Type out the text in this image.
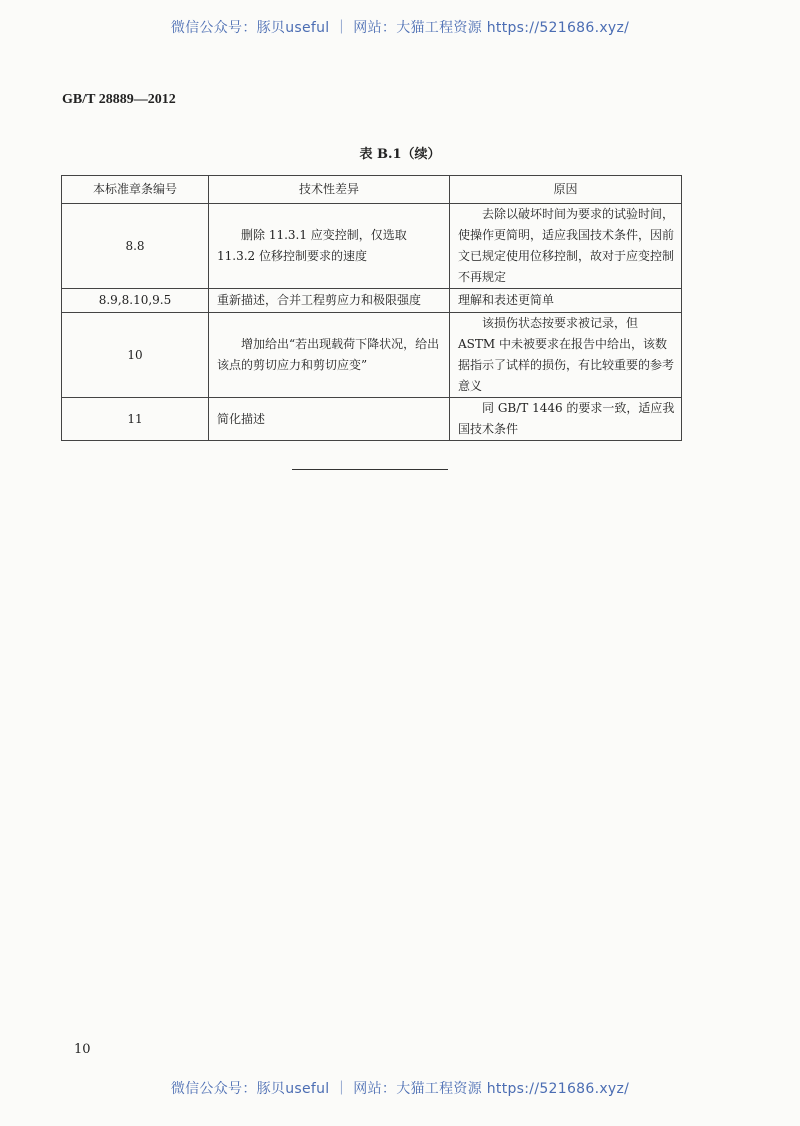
微信公众号：豚贝useful ｜ 网站：大猫工程资源 https://521686.xyz/
GB/T 28889—2012
表 B.1（续）
本标准章条编号	技术性差异	原因
8.8	删除 11.3.1 应变控制，仅选取 11.3.2 位移控制要求的速度	去除以破坏时间为要求的试验时间，使操作更简明，适应我国技术条件，因前文已规定使用位移控制，故对于应变控制不再规定
8.9,8.10,9.5	重新描述，合并工程剪应力和极限强度	理解和表述更简单
10	增加给出“若出现载荷下降状况，给出该点的剪切应力和剪切应变”	该损伤状态按要求被记录，但 ASTM 中未被要求在报告中给出，该数据指示了试样的损伤，有比较重要的参考意义
11	简化描述	同 GB/T 1446 的要求一致，适应我国技术条件
10
微信公众号：豚贝useful ｜ 网站：大猫工程资源 https://521686.xyz/
